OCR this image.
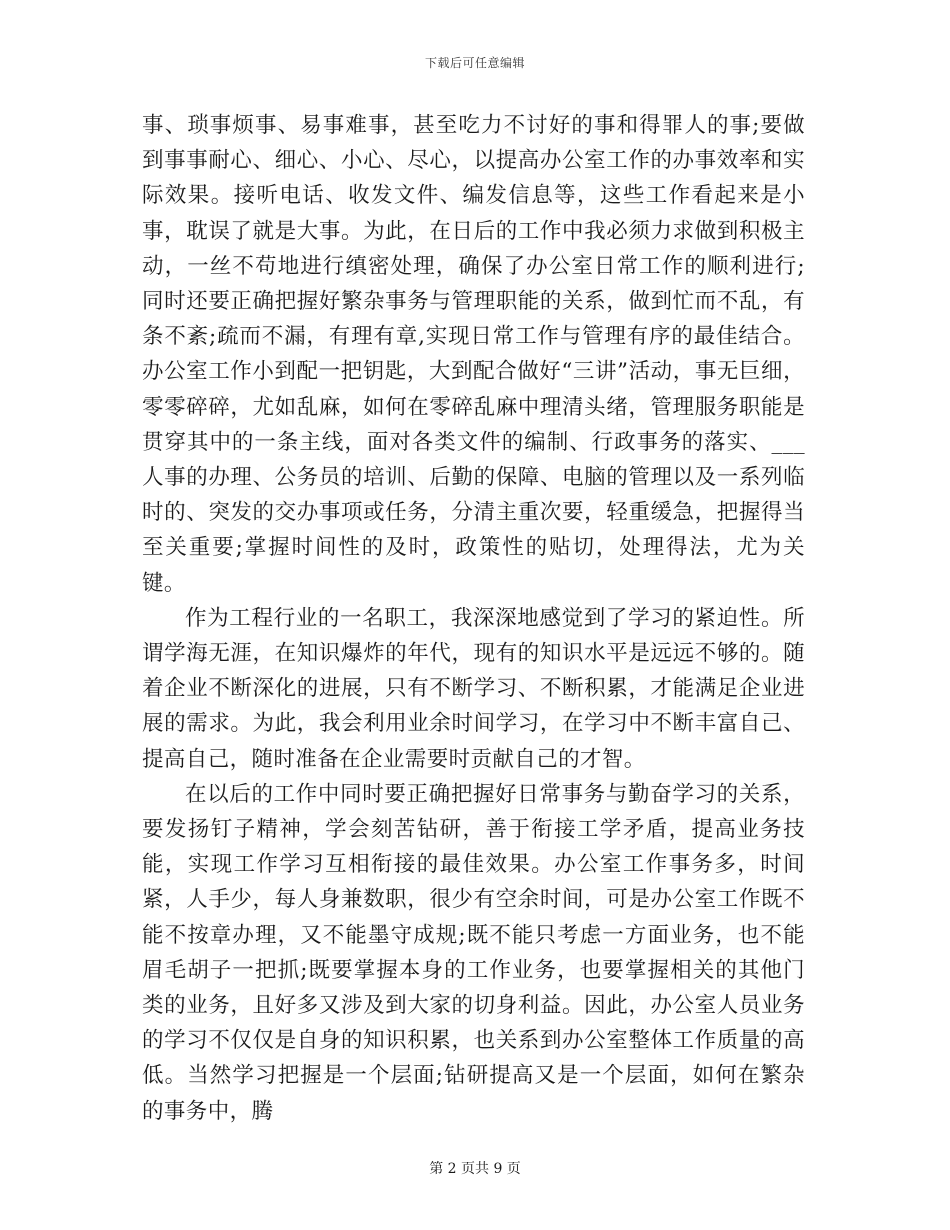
下载后可任意编辑

事、琐事烦事、易事难事，甚至吃力不讨好的事和得罪人的事;要做到事事耐心、细心、小心、尽心，以提高办公室工作的办事效率和实际效果。接听电话、收发文件、编发信息等，这些工作看起来是小事，耽误了就是大事。为此，在日后的工作中我必须力求做到积极主动，一丝不苟地进行缜密处理，确保了办公室日常工作的顺利进行;同时还要正确把握好繁杂事务与管理职能的关系，做到忙而不乱，有条不紊;疏而不漏，有理有章,实现日常工作与管理有序的最佳结合。办公室工作小到配一把钥匙，大到配合做好“三讲”活动，事无巨细，零零碎碎，尤如乱麻，如何在零碎乱麻中理清头绪，管理服务职能是贯穿其中的一条主线，面对各类文件的编制、行政事务的落实、___人事的办理、公务员的培训、后勤的保障、电脑的管理以及一系列临时的、突发的交办事项或任务，分清主重次要，轻重缓急，把握得当至关重要;掌握时间性的及时，政策性的贴切，处理得法，尤为关键。

作为工程行业的一名职工，我深深地感觉到了学习的紧迫性。所谓学海无涯，在知识爆炸的年代，现有的知识水平是远远不够的。随着企业不断深化的进展，只有不断学习、不断积累，才能满足企业进展的需求。为此，我会利用业余时间学习，在学习中不断丰富自己、提高自己，随时准备在企业需要时贡献自己的才智。

在以后的工作中同时要正确把握好日常事务与勤奋学习的关系，要发扬钉子精神，学会刻苦钻研，善于衔接工学矛盾，提高业务技能，实现工作学习互相衔接的最佳效果。办公室工作事务多，时间紧，人手少，每人身兼数职，很少有空余时间，可是办公室工作既不能不按章办理，又不能墨守成规;既不能只考虑一方面业务，也不能眉毛胡子一把抓;既要掌握本身的工作业务，也要掌握相关的其他门类的业务，且好多又涉及到大家的切身利益。因此，办公室人员业务的学习不仅仅是自身的知识积累，也关系到办公室整体工作质量的高低。当然学习把握是一个层面;钻研提高又是一个层面，如何在繁杂的事务中，腾

第 2 页共 9 页
